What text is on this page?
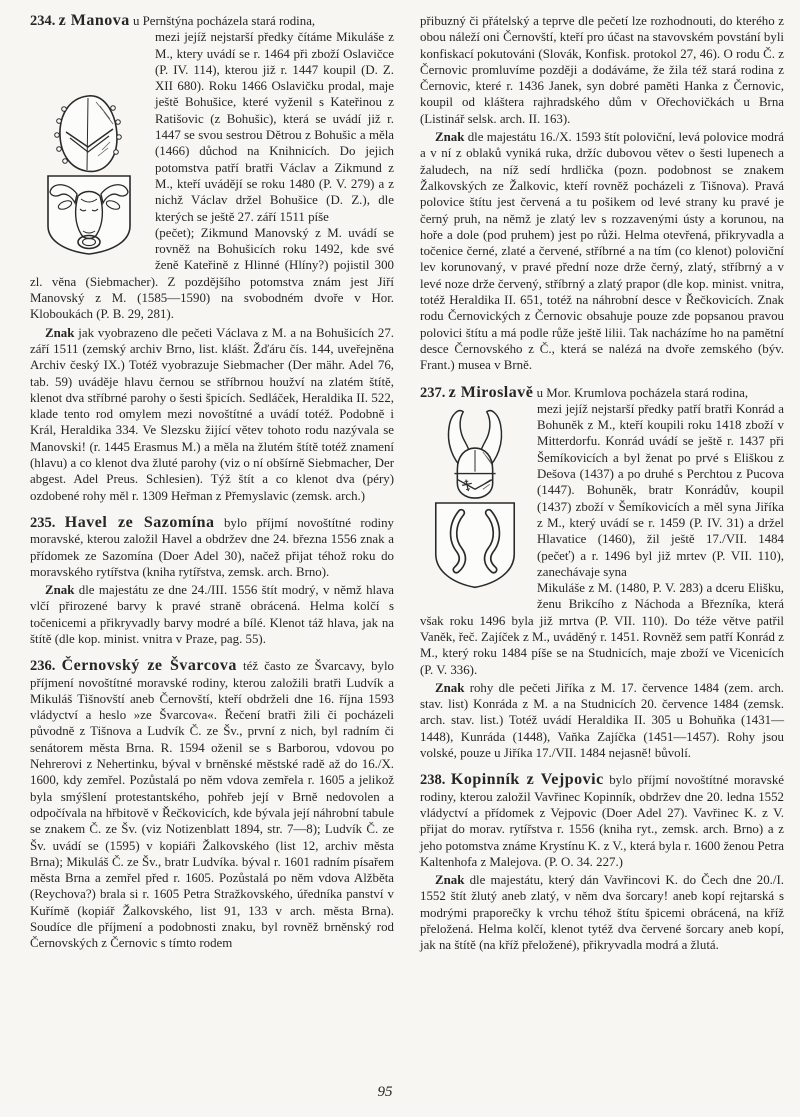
234. z Manova u Pernštýna pocházela stará rodina,

mezi jejíž nejstarší předky čítáme Mikuláše z M., ktery uvádí se r. 1464 při zboží Oslavičce (P. IV. 114), kterou již r. 1447 koupil (D. Z. XII 680). Roku 1466 Oslavičku prodal, maje ještě Bohušice, které vyženil s Kateřinou z Ratišovic (z Bohušic), která se uvádí již r. 1447 se svou sestrou Dětrou z Bohušic a měla (1466) důchod na Knihnicích. Do jejich potomstva patří bratři Václav a Zikmund z M., kteří uvádějí se roku 1480 (P. V. 279) a z nichž Václav držel Bohušice (D. Z.), dle kterých se ještě 27. září 1511 píše

(pečet); Zikmund Manovský z M. uvádí se rovněž na Bohušicích roku 1492, kde své ženě Kateřině z Hlinné (Hlíny?) pojistil 300 zl. věna (Siebmacher). Z pozdějšího potomstva znám jest Jiří Manovský z M. (1585—1590) na svobodném dvoře v Hor. Kloboukách (P. B. 29, 281).

Znak jak vyobrazeno dle pečeti Václava z M. a na Bohušicích 27. září 1511 (zemský archiv Brno, list. klášt. Žďáru čís. 144, uveřejněna Archiv český IX.) Totéž vyobrazuje Siebmacher (Der mähr. Adel 76, tab. 59) uváděje hlavu černou se stříbrnou houžví na zlatém štítě, klenot dva stříbrné parohy o šesti špicích. Sedláček, Heraldika II. 522, klade tento rod omylem mezi novoštítné a uvádí totéž. Podobně i Král, Heraldika 334. Ve Slezsku žijící větev tohoto rodu nazývala se Manovski! (r. 1445 Erasmus M.) a měla na žlutém štítě totéž znamení (hlavu) a co klenot dva žluté parohy (viz o ní obšírně Siebmacher, Der abgest. Adel Preus. Schlesien). Týž štít a co klenot dva (péry) ozdobené rohy měl r. 1309 Heřman z Přemyslavic (zemsk. arch.)

235. Havel ze Sazomína bylo příjmí novoštítné rodiny moravské, kterou založil Havel a obdržev dne 24. března 1556 znak a přídomek ze Sazomína (Doer Adel 30), načež přijat téhož roku do moravského rytířstva (kniha rytířstva, zemsk. arch. Brno).

Znak dle majestátu ze dne 24./III. 1556 štít modrý, v němž hlava vlčí přirozené barvy k pravé straně obrácená. Helma kolčí s točenicemi a přikryvadly barvy modré a bílé. Klenot táž hlava, jak na štítě (dle kop. minist. vnitra v Praze, pag. 55).

236. Černovský ze Švarcova též často ze Švarcavy, bylo příjmení novoštítné moravské rodiny, kterou založili bratři Ludvík a Mikuláš Tišnovští aneb Černovští, kteří obdrželi dne 16. října 1593 vládyctví a heslo »ze Švarcova«. Řečení bratři žili či pocházeli původně z Tišnova a Ludvík Č. ze Šv., první z nich, byl radním či senátorem města Brna. R. 1594 oženil se s Barborou, vdovou po Nehrerovi z Nehertinku, býval v brněnské městské radě až do 16./X. 1600, kdy zemřel. Pozůstalá po něm vdova zemřela r. 1605 a jelikož byla smýšlení protestantského, pohřeb její v Brně nedovolen a odpočívala na hřbitově v Řečkovicích, kde bývala její náhrobní tabule se znakem Č. ze Šv. (viz Notizenblatt 1894, str. 7—8); Ludvík Č. ze Šv. uvádí se (1595) v kopiáři Žalkovského (list 12, archiv města Brna); Mikuláš Č. ze Šv., bratr Ludvíka. býval r. 1601 radním písařem města Brna a zemřel před r. 1605. Pozůstalá po něm vdova Alžběta (Reychova?) brala si r. 1605 Petra Stražkovského, úředníka panství v Kuřímě (kopiář Žalkovského, list 91, 133 v arch. města Brna). Soudíce dle příjmení a podobnosti znaku, byl rovněž brněnský rod Černovských z Černovic s tímto rodem

přibuzný či přátelský a teprve dle pečetí lze rozhodnouti, do kterého z obou náleží oni Černovští, kteří pro účast na stavovském povstání byli konfiskací pokutováni (Slovák, Konfisk. protokol 27, 46). O rodu Č. z Černovic promluvíme později a dodáváme, že žila též stará rodina z Černovic, které r. 1436 Janek, syn dobré paměti Hanka z Černovic, koupil od kláštera rajhradského dům v Ořechovičkách u Brna (Listinář selsk. arch. II. 163).

Znak dle majestátu 16./X. 1593 štít poloviční, levá polovice modrá a v ní z oblaků vyniká ruka, držíc dubovou větev o šesti lupenech a žaludech, na níž sedí hrdlička (pozn. podobnost se znakem Žalkovských ze Žalkovic, kteří rovněž pocházeli z Tišnova). Pravá polovice štítu jest červená a tu pošikem od levé strany ku pravé je černý pruh, na němž je zlatý lev s rozzavenými ústy a korunou, na hoře a dole (pod pruhem) jest po růži. Helma otevřená, přikryvadla a točenice černé, zlaté a červené, stříbrné a na tím (co klenot) poloviční lev korunovaný, v pravé přední noze drže černý, zlatý, stříbrný a v levé noze drže červený, stříbrný a zlatý prapor (dle kop. minist. vnitra, totéž Heraldika II. 651, totéž na náhrobní desce v Řečkovicích. Znak rodu Černovických z Černovic obsahuje pouze zde popsanou pravou polovici štítu a má podle růže ještě lilii. Tak nacházíme ho na pamětní desce Černovského z Č., která se nalézá na dvoře zemského (býv. Frant.) musea v Brně.

237. z Miroslavě u Mor. Krumlova pocházela stará rodina,

mezi jejíž nejstarší předky patří bratři Konrád a Bohuněk z M., kteří koupili roku 1418 zboží v Mitterdorfu. Konrád uvádí se ještě r. 1437 při Šemíkovicích a byl ženat po prvé s Eliškou z Dešova (1437) a po druhé s Perchtou z Pucova (1447). Bohuněk, bratr Konrádův, koupil (1437) zboží v Šemíkovicích a měl syna Jiříka z M., který uvádí se r. 1459 (P. IV. 31) a držel Hlavatice (1460), žil ještě 17./VII. 1484 (pečeť) a r. 1496 byl již mrtev (P. VII. 110), zanechávaje syna

Mikuláše z M. (1480, P. V. 283) a dceru Elišku, ženu Brikcího z Náchoda a Březníka, která však roku 1496 byla již mrtva (P. VII. 110). Do téže větve patřil Vaněk, řeč. Zajíček z M., uváděný r. 1451. Rovněž sem patří Konrád z M., který roku 1484 píše se na Studnicích, maje zboží ve Vicenicích (P. V. 336).

Znak rohy dle pečeti Jiříka z M. 17. července 1484 (zem. arch. stav. list) Konráda z M. a na Studnicích 20. července 1484 (zemsk. arch. stav. list.) Totéž uvádí Heraldika II. 305 u Bohuňka (1431—1448), Kunráda (1448), Vaňka Zajíčka (1451—1457). Rohy jsou volské, pouze u Jiříka 17./VII. 1484 nejasně! bůvolí.

238. Kopinník z Vejpovic bylo příjmí novoštítné moravské rodiny, kterou založil Vavřinec Kopinník, obdržev dne 20. ledna 1552 vládyctví a přídomek z Vejpovic (Doer Adel 27). Vavřinec K. z V. přijat do morav. rytířstva r. 1556 (kniha ryt., zemsk. arch. Brno) a z jeho potomstva známe Krystínu K. z V., která byla r. 1600 ženou Petra Kaltenhofa z Malejova. (P. O. 34. 227.)

Znak dle majestátu, který dán Vavřincovi K. do Čech dne 20./I. 1552 štít žlutý aneb zlatý, v něm dva šorcary! aneb kopí rejtarská s modrými praporečky k vrchu téhož štítu špicemi obrácená, na kříž přeložená. Helma kolčí, klenot tytéž dva červené šorcary aneb kopí, jak na štítě (na kříž přeložené), přikryvadla modrá a žlutá.

95
